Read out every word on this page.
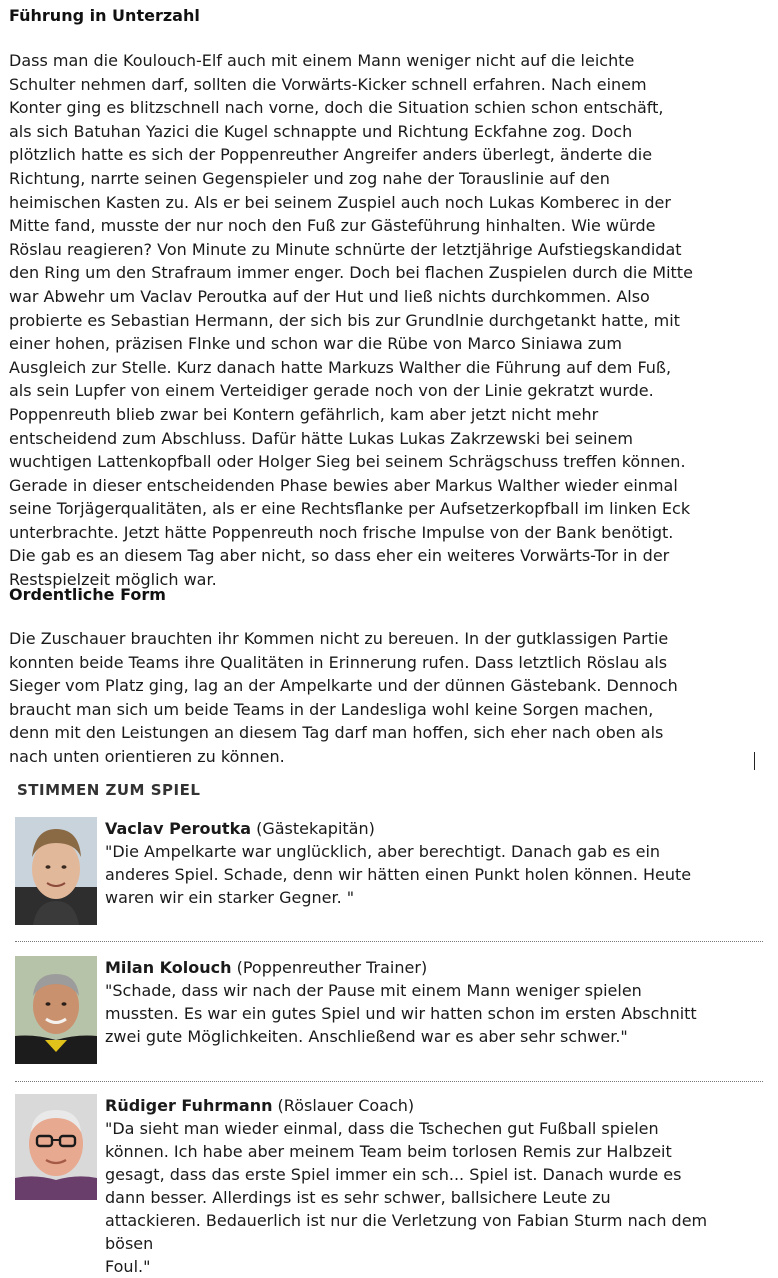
Führung in Unterzahl

Dass man die Koulouch-Elf auch mit einem Mann weniger nicht auf die leichte
Schulter nehmen darf, sollten die Vorwärts-Kicker schnell erfahren. Nach einem
Konter ging es blitzschnell nach vorne, doch die Situation schien schon entschäft,
als sich Batuhan Yazici die Kugel schnappte und Richtung Eckfahne zog. Doch
plötzlich hatte es sich der Poppenreuther Angreifer anders überlegt, änderte die
Richtung, narrte seinen Gegenspieler und zog nahe der Torauslinie auf den
heimischen Kasten zu. Als er bei seinem Zuspiel auch noch Lukas Komberec in der
Mitte fand, musste der nur noch den Fuß zur Gästeführung hinhalten. Wie würde
Röslau reagieren? Von Minute zu Minute schnürte der letztjährige Aufstiegskandidat
den Ring um den Strafraum immer enger. Doch bei flachen Zuspielen durch die Mitte
war Abwehr um Vaclav Peroutka auf der Hut und ließ nichts durchkommen. Also
probierte es Sebastian Hermann, der sich bis zur Grundlnie durchgetankt hatte, mit
einer hohen, präzisen Flnke und schon war die Rübe von Marco Siniawa zum
Ausgleich zur Stelle. Kurz danach hatte Markuzs Walther die Führung auf dem Fuß,
als sein Lupfer von einem Verteidiger gerade noch von der Linie gekratzt wurde.
Poppenreuth blieb zwar bei Kontern gefährlich, kam aber jetzt nicht mehr
entscheidend zum Abschluss. Dafür hätte Lukas Lukas Zakrzewski bei seinem
wuchtigen Lattenkopfball oder Holger Sieg bei seinem Schrägschuss treffen können.
Gerade in dieser entscheidenden Phase bewies aber Markus Walther wieder einmal
seine Torjägerqualitäten, als er eine Rechtsflanke per Aufsetzerkopfball im linken Eck
unterbrachte. Jetzt hätte Poppenreuth noch frische Impulse von der Bank benötigt.
Die gab es an diesem Tag aber nicht, so dass eher ein weiteres Vorwärts-Tor in der
Restspielzeit möglich war.

Ordentliche Form

Die Zuschauer brauchten ihr Kommen nicht zu bereuen. In der gutklassigen Partie
konnten beide Teams ihre Qualitäten in Erinnerung rufen. Dass letztlich Röslau als
Sieger vom Platz ging, lag an der Ampelkarte und der dünnen Gästebank. Dennoch
braucht man sich um beide Teams in der Landesliga wohl keine Sorgen machen,
denn mit den Leistungen an diesem Tag darf man hoffen, sich eher nach oben als
nach unten orientieren zu können.

STIMMEN ZUM SPIEL

Vaclav Peroutka (Gästekapitän)
"Die Ampelkarte war unglücklich, aber berechtigt. Danach gab es ein
anderes Spiel. Schade, denn wir hätten einen Punkt holen können. Heute
waren wir ein starker Gegner. "

Milan Kolouch (Poppenreuther Trainer)
"Schade, dass wir nach der Pause mit einem Mann weniger spielen
mussten. Es war ein gutes Spiel und wir hatten schon im ersten Abschnitt
zwei gute Möglichkeiten. Anschließend war es aber sehr schwer."

Rüdiger Fuhrmann (Röslauer Coach)
"Da sieht man wieder einmal, dass die Tschechen gut Fußball spielen
können. Ich habe aber meinem Team beim torlosen Remis zur Halbzeit
gesagt, dass das erste Spiel immer ein sch... Spiel ist. Danach wurde es
dann besser. Allerdings ist es sehr schwer, ballsichere Leute zu
attackieren. Bedauerlich ist nur die Verletzung von Fabian Sturm nach dem bösen
Foul."
